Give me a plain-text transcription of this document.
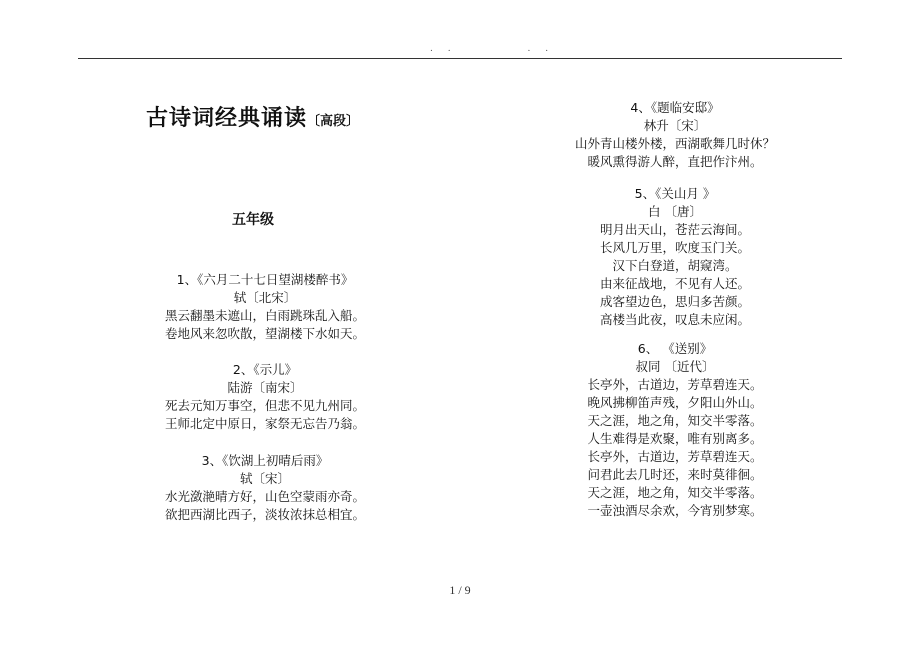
. .        . .
古诗词经典诵读〔高段〕
五年级
1、《六月二十七日望湖楼醉书》
轼〔北宋〕
黑云翻墨未遮山，白雨跳珠乱入船。
卷地风来忽吹散，望湖楼下水如天。
2、《示儿》
陆游〔南宋〕
死去元知万事空，但悲不见九州同。
王师北定中原日，家祭无忘告乃翁。
3、《饮湖上初晴后雨》
轼〔宋〕
水光潋滟晴方好，山色空蒙雨亦奇。
欲把西湖比西子，淡妆浓抹总相宜。
4、《题临安邸》
林升〔宋〕
山外青山楼外楼，西湖歌舞几时休？
暖风熏得游人醉，直把作汴州。
5、《关山月 》
白 〔唐〕
明月出天山，苍茫云海间。
长风几万里，吹度玉门关。
汉下白登道，胡窥湾。
由来征战地，不见有人还。
成客望边色，思归多苦颜。
高楼当此夜，叹息未应闲。
6、 《送别》
叔同 〔近代〕
长亭外，古道边，芳草碧连天。
晚风拂柳笛声残，夕阳山外山。
天之涯，地之角，知交半零落。
人生难得是欢聚，唯有别离多。
长亭外，古道边，芳草碧连天。
问君此去几时还，来时莫徘徊。
天之涯，地之角，知交半零落。
一壶浊酒尽余欢，今宵别梦寒。
1 / 9
